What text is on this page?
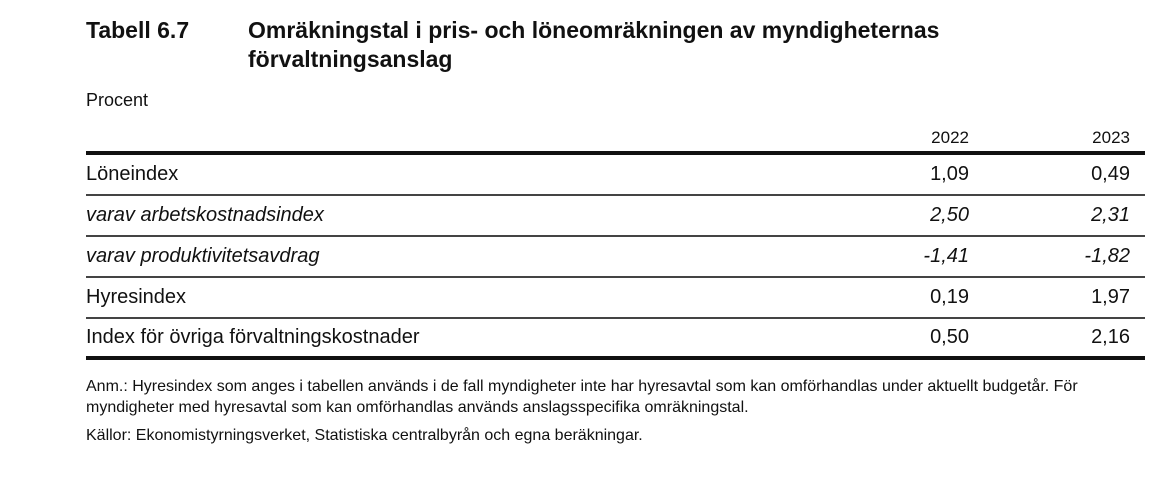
Tabell 6.7	Omräkningstal i pris- och löneomräkningen av myndigheternas förvaltningsanslag
Procent
2022	2023
Löneindex	1,09	0,49
varav arbetskostnadsindex	2,50	2,31
varav produktivitetsavdrag	-1,41	-1,82
Hyresindex	0,19	1,97
Index för övriga förvaltningskostnader	0,50	2,16

Anm.: Hyresindex som anges i tabellen används i de fall myndigheter inte har hyresavtal som kan omförhandlas under aktuellt budgetår. För myndigheter med hyresavtal som kan omförhandlas används anslagsspecifika omräkningstal.

Källor: Ekonomistyrningsverket, Statistiska centralbyrån och egna beräkningar.
